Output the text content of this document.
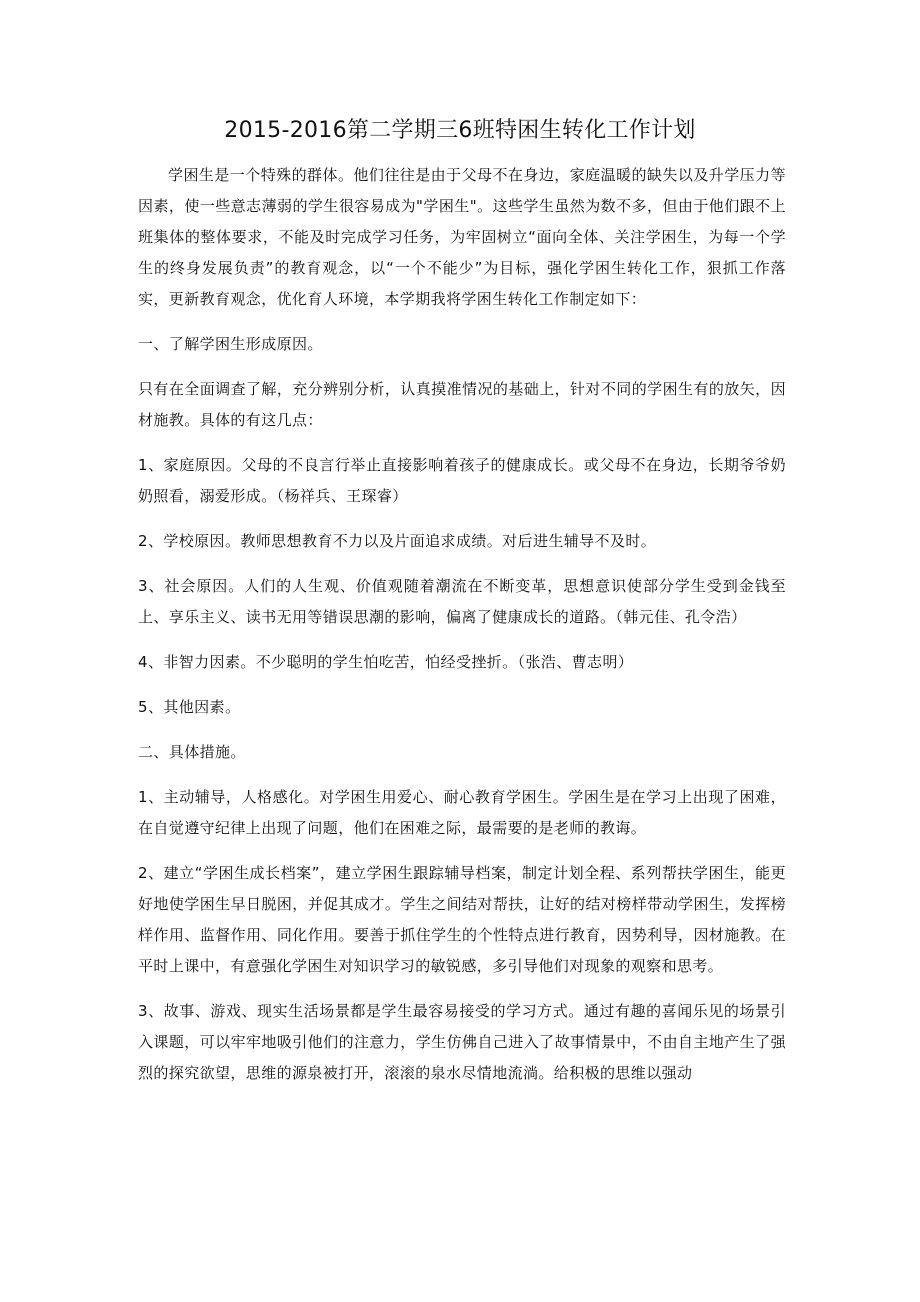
2015-2016第二学期三6班特困生转化工作计划

学困生是一个特殊的群体。他们往往是由于父母不在身边，家庭温暖的缺失以及升学压力等因素，使一些意志薄弱的学生很容易成为"学困生"。这些学生虽然为数不多，但由于他们跟不上班集体的整体要求，不能及时完成学习任务，为牢固树立“面向全体、关注学困生，为每一个学生的终身发展负责”的教育观念，以“一个不能少”为目标，强化学困生转化工作，狠抓工作落实，更新教育观念，优化育人环境，本学期我将学困生转化工作制定如下：

一、了解学困生形成原因。

只有在全面调查了解，充分辨别分析，认真摸准情况的基础上，针对不同的学困生有的放矢，因材施教。具体的有这几点：

1、家庭原因。父母的不良言行举止直接影响着孩子的健康成长。或父母不在身边，长期爷爷奶奶照看，溺爱形成。（杨祥兵、王琛睿）

2、学校原因。教师思想教育不力以及片面追求成绩。对后进生辅导不及时。

3、社会原因。人们的人生观、价值观随着潮流在不断变革，思想意识使部分学生受到金钱至上、享乐主义、读书无用等错误思潮的影响，偏离了健康成长的道路。（韩元佳、孔令浩）

4、非智力因素。不少聪明的学生怕吃苦，怕经受挫折。（张浩、曹志明）

5、其他因素。

二、具体措施。

1、主动辅导，人格感化。对学困生用爱心、耐心教育学困生。学困生是在学习上出现了困难，在自觉遵守纪律上出现了问题，他们在困难之际，最需要的是老师的教诲。

2、建立“学困生成长档案”，建立学困生跟踪辅导档案，制定计划全程、系列帮扶学困生，能更好地使学困生早日脱困，并促其成才。学生之间结对帮扶，让好的结对榜样带动学困生，发挥榜样作用、监督作用、同化作用。要善于抓住学生的个性特点进行教育，因势利导，因材施教。在平时上课中，有意强化学困生对知识学习的敏锐感，多引导他们对现象的观察和思考。

3、故事、游戏、现实生活场景都是学生最容易接受的学习方式。通过有趣的喜闻乐见的场景引入课题，可以牢牢地吸引他们的注意力，学生仿佛自己进入了故事情景中，不由自主地产生了强烈的探究欲望，思维的源泉被打开，滚滚的泉水尽情地流淌。给积极的思维以强动
